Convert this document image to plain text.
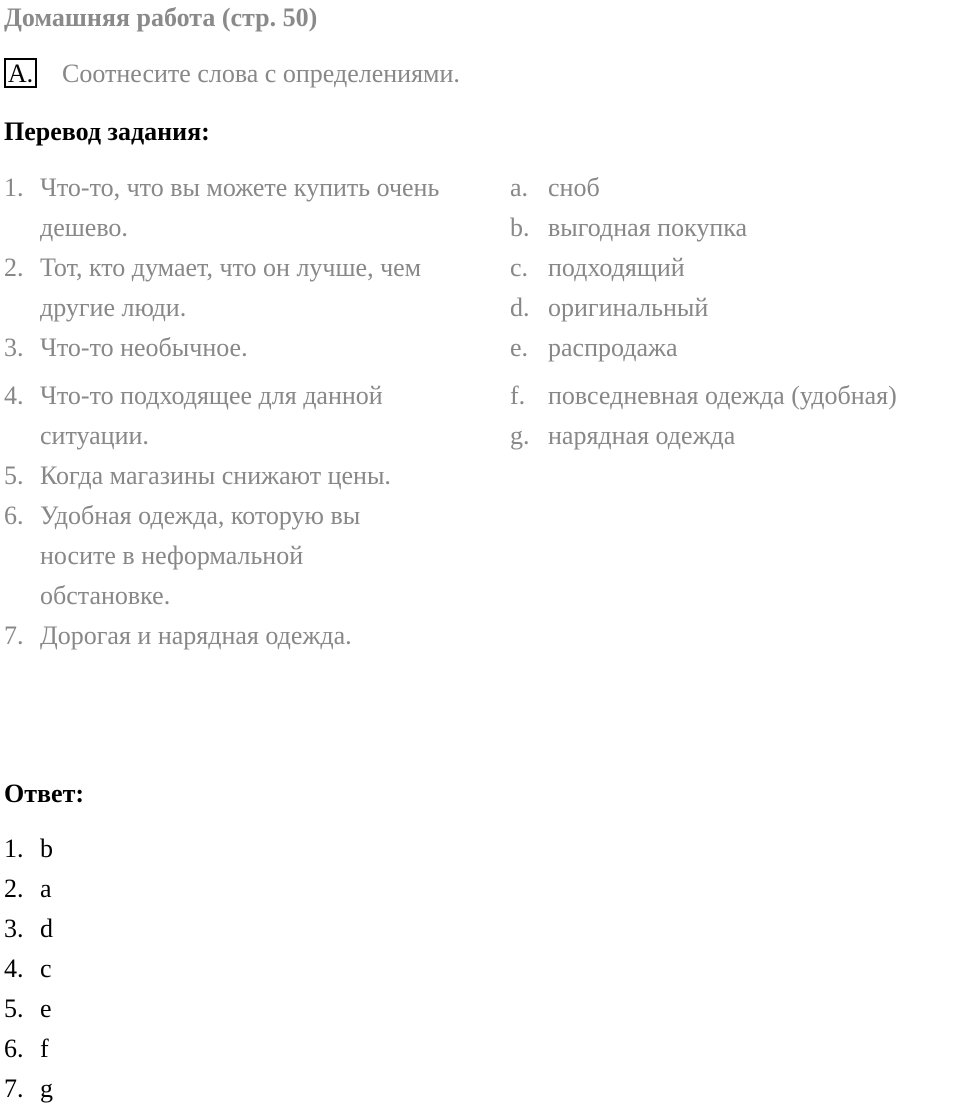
Домашняя работа (стр. 50)
A. Соотнесите слова с определениями.
Перевод задания:
1. Что-то, что вы можете купить очень дешево.
2. Тот, кто думает, что он лучше, чем другие люди.
3. Что-то необычное.
4. Что-то подходящее для данной ситуации.
5. Когда магазины снижают цены.
6. Удобная одежда, которую вы носите в неформальной обстановке.
7. Дорогая и нарядная одежда.
a. сноб
b. выгодная покупка
c. подходящий
d. оригинальный
e. распродажа
f. повседневная одежда (удобная)
g. нарядная одежда
Ответ:
1. b
2. a
3. d
4. c
5. e
6. f
7. g
